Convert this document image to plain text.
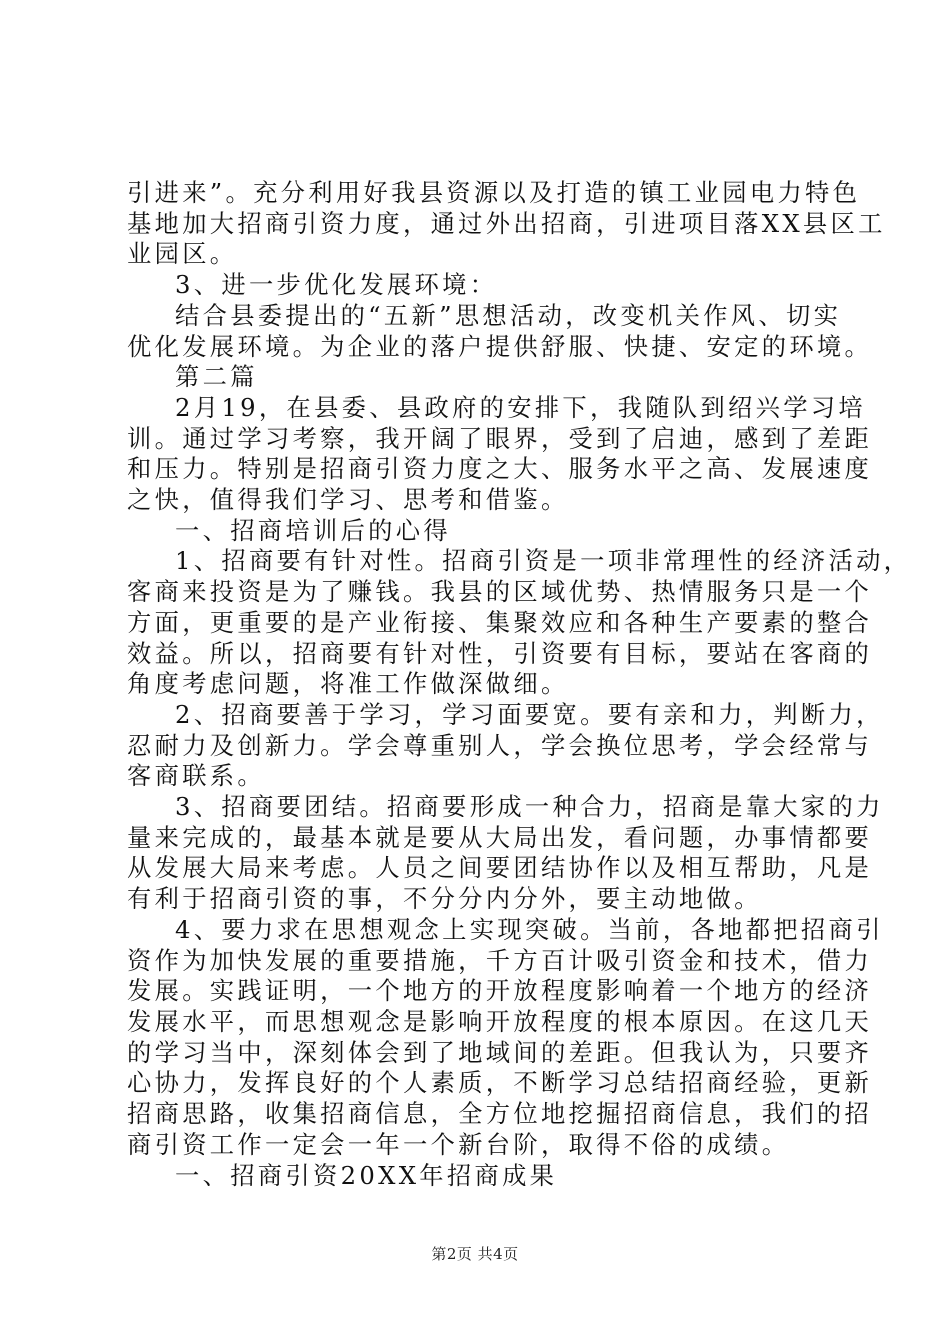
引进来”。充分利用好我县资源以及打造的镇工业园电力特色
基地加大招商引资力度，通过外出招商，引进项目落XX县区工
业园区。
3、进一步优化发展环境：
结合县委提出的“五新”思想活动，改变机关作风、切实
优化发展环境。为企业的落户提供舒服、快捷、安定的环境。
第二篇
2月19，在县委、县政府的安排下，我随队到绍兴学习培
训。通过学习考察，我开阔了眼界，受到了启迪，感到了差距
和压力。特别是招商引资力度之大、服务水平之高、发展速度
之快，值得我们学习、思考和借鉴。
一、招商培训后的心得
1、招商要有针对性。招商引资是一项非常理性的经济活动，
客商来投资是为了赚钱。我县的区域优势、热情服务只是一个
方面，更重要的是产业衔接、集聚效应和各种生产要素的整合
效益。所以，招商要有针对性，引资要有目标，要站在客商的
角度考虑问题，将准工作做深做细。
2、招商要善于学习，学习面要宽。要有亲和力，判断力，
忍耐力及创新力。学会尊重别人，学会换位思考，学会经常与
客商联系。
3、招商要团结。招商要形成一种合力，招商是靠大家的力
量来完成的，最基本就是要从大局出发，看问题，办事情都要
从发展大局来考虑。人员之间要团结协作以及相互帮助，凡是
有利于招商引资的事，不分分内分外，要主动地做。
4、要力求在思想观念上实现突破。当前，各地都把招商引
资作为加快发展的重要措施，千方百计吸引资金和技术，借力
发展。实践证明，一个地方的开放程度影响着一个地方的经济
发展水平，而思想观念是影响开放程度的根本原因。在这几天
的学习当中，深刻体会到了地域间的差距。但我认为，只要齐
心协力，发挥良好的个人素质，不断学习总结招商经验，更新
招商思路，收集招商信息，全方位地挖掘招商信息，我们的招
商引资工作一定会一年一个新台阶，取得不俗的成绩。
一、招商引资20XX年招商成果
第2页 共4页
